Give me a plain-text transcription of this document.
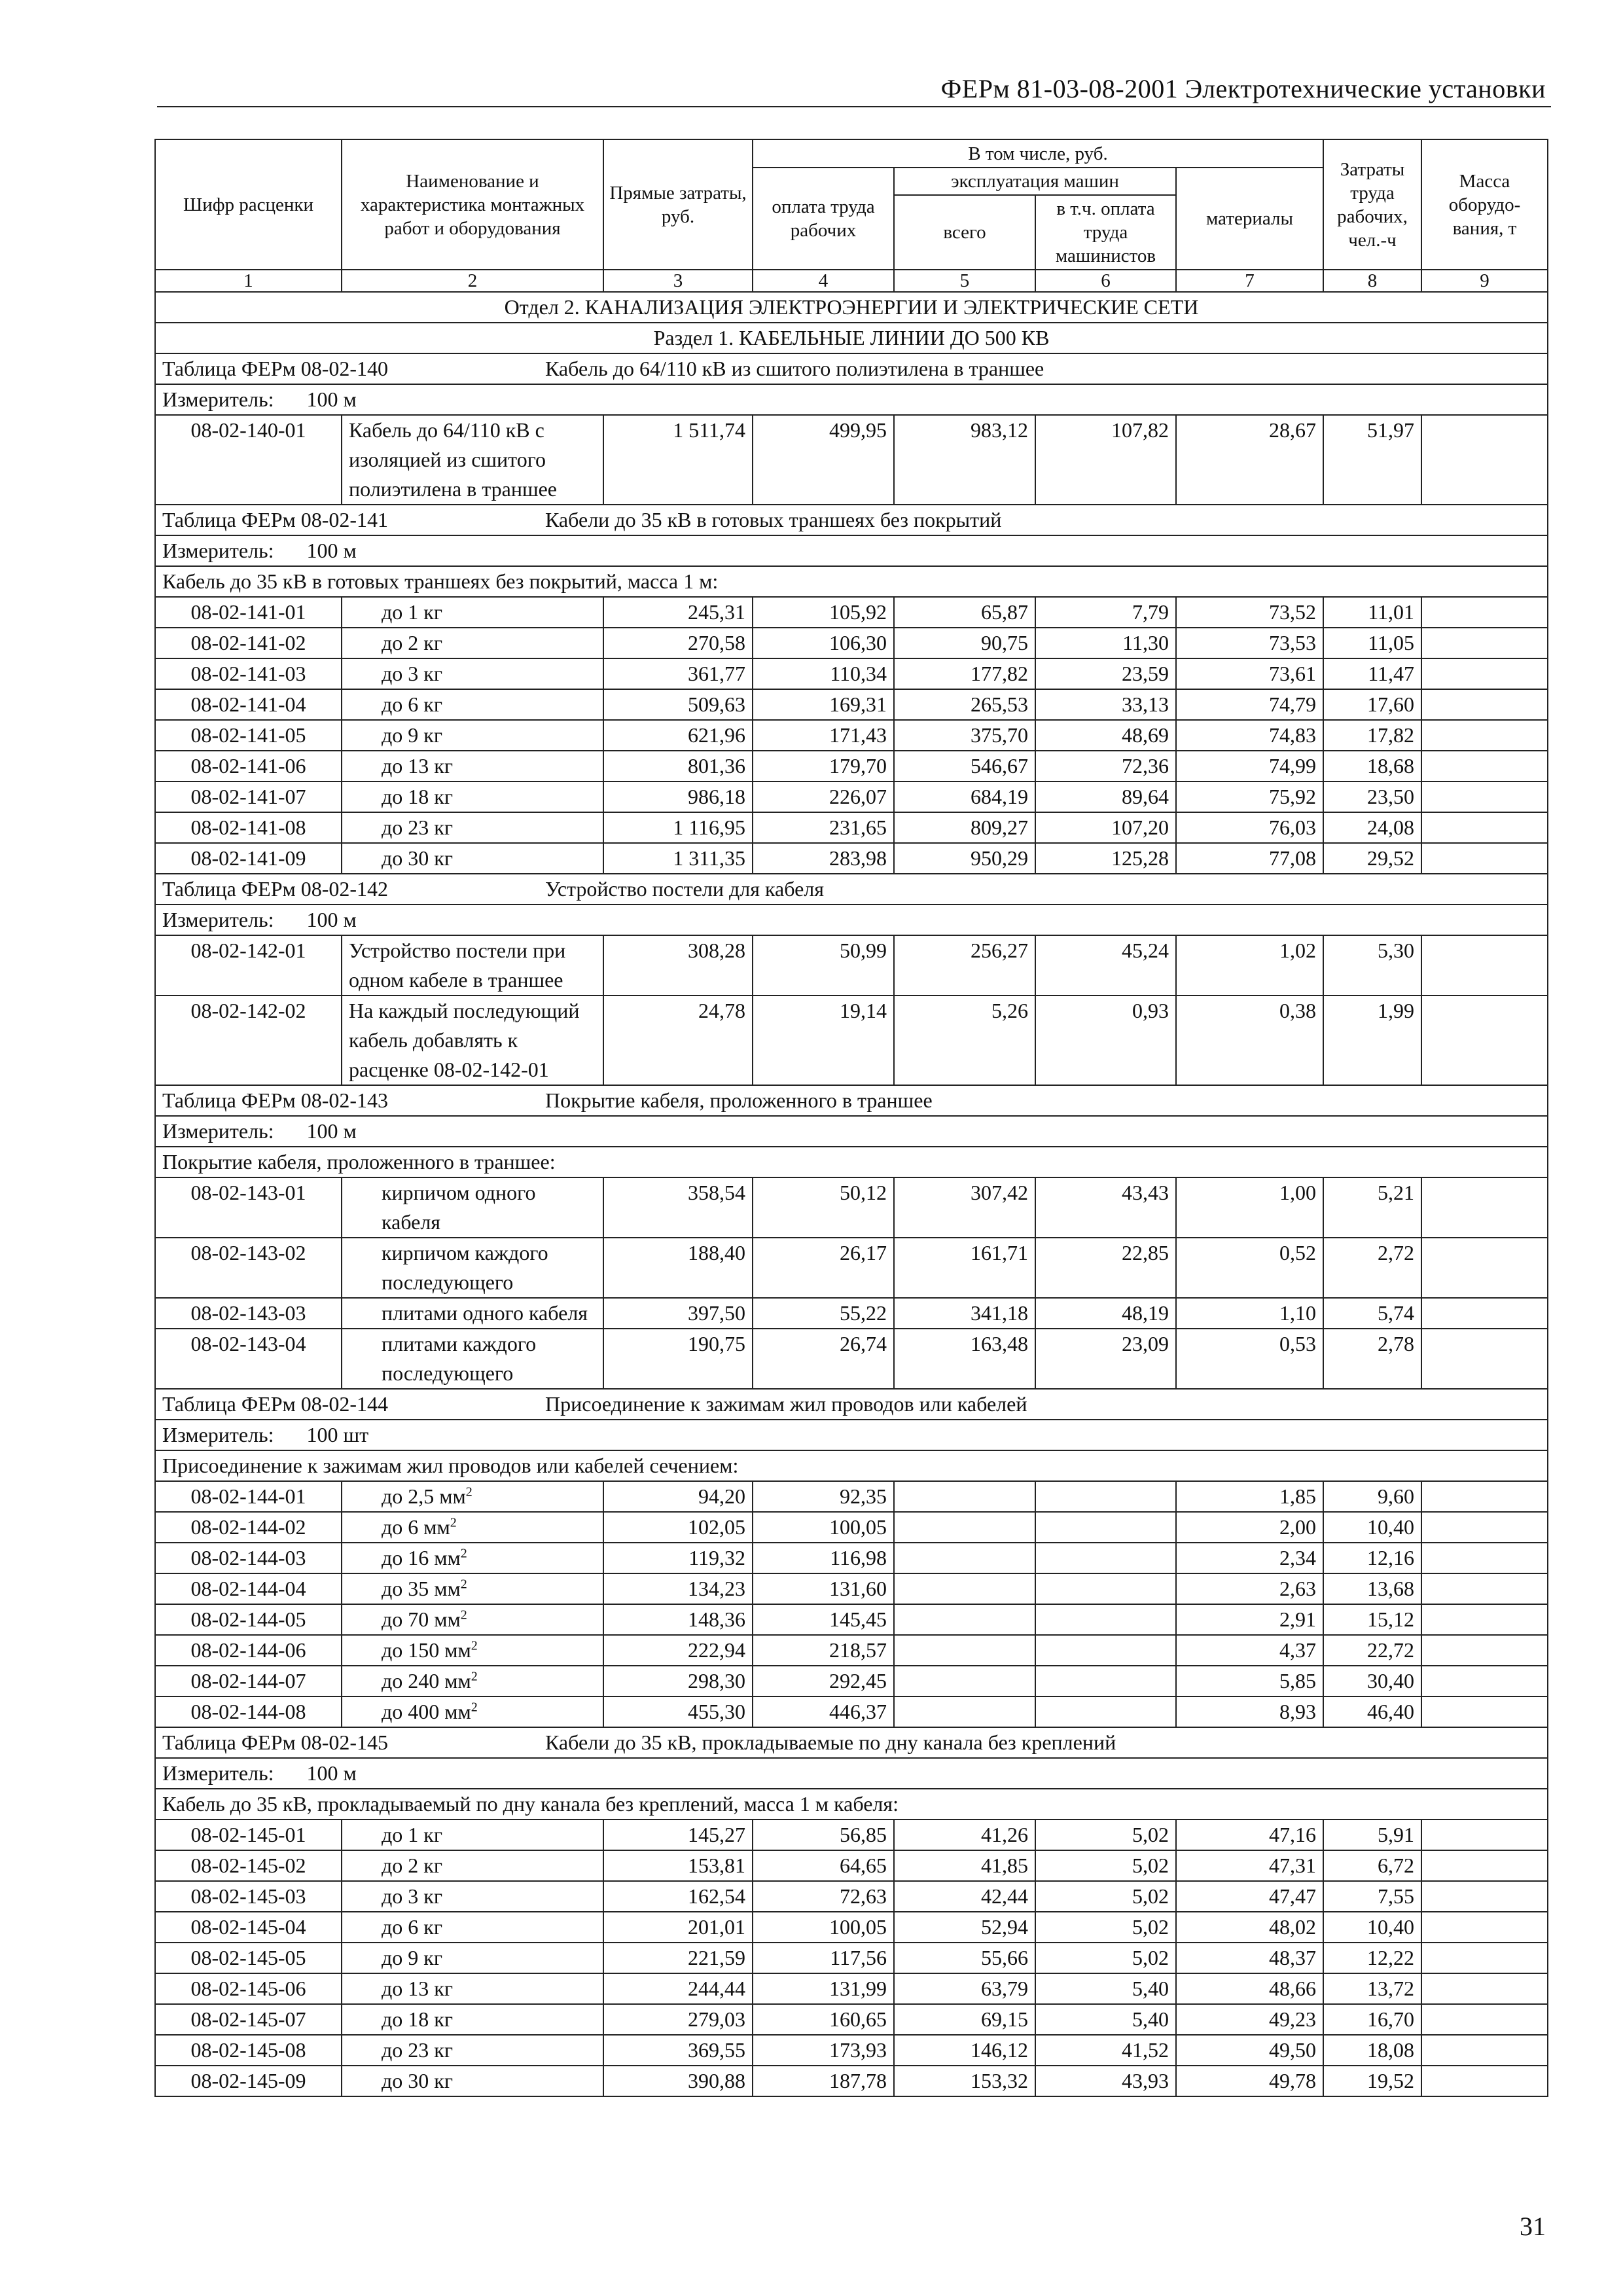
ФЕРм 81-03-08-2001 Электротехнические установки
Шифр расценки	Наименование и характеристика монтажных работ и оборудования	Прямые затраты, руб.	В том числе, руб.				Затраты труда рабочих, чел.-ч	Масса оборудо-вания, т
			оплата труда рабочих	эксплуатация машин		материалы		
				всего	в т.ч. оплата труда машинистов			

1	2	3	4	5	6	7	8	9
Отдел 2. КАНАЛИЗАЦИЯ ЭЛЕКТРОЭНЕРГИИ И ЭЛЕКТРИЧЕСКИЕ СЕТИ								
Раздел 1. КАБЕЛЬНЫЕ ЛИНИИ ДО 500 КВ								
Таблица ФЕРм 08-02-140 Кабель до 64/110 кВ из сшитого полиэтилена в траншее								
Измеритель: 100 м								
08-02-140-01	Кабель до 64/110 кВ с изоляцией из сшитого полиэтилена в траншее	1 511,74	499,95	983,12	107,82	28,67	51,97	
Таблица ФЕРм 08-02-141 Кабели до 35 кВ в готовых траншеях без покрытий								
Измеритель: 100 м								
Кабель до 35 кВ в готовых траншеях без покрытий, масса 1 м:								
08-02-141-01	до 1 кг	245,31	105,92	65,87	7,79	73,52	11,01	
08-02-141-02	до 2 кг	270,58	106,30	90,75	11,30	73,53	11,05	
08-02-141-03	до 3 кг	361,77	110,34	177,82	23,59	73,61	11,47	
08-02-141-04	до 6 кг	509,63	169,31	265,53	33,13	74,79	17,60	
08-02-141-05	до 9 кг	621,96	171,43	375,70	48,69	74,83	17,82	
08-02-141-06	до 13 кг	801,36	179,70	546,67	72,36	74,99	18,68	
08-02-141-07	до 18 кг	986,18	226,07	684,19	89,64	75,92	23,50	
08-02-141-08	до 23 кг	1 116,95	231,65	809,27	107,20	76,03	24,08	
08-02-141-09	до 30 кг	1 311,35	283,98	950,29	125,28	77,08	29,52	
Таблица ФЕРм 08-02-142 Устройство постели для кабеля								
Измеритель: 100 м								
08-02-142-01	Устройство постели при одном кабеле в траншее	308,28	50,99	256,27	45,24	1,02	5,30	
08-02-142-02	На каждый последующий кабель добавлять к расценке 08-02-142-01	24,78	19,14	5,26	0,93	0,38	1,99	
Таблица ФЕРм 08-02-143 Покрытие кабеля, проложенного в траншее								
Измеритель: 100 м								
Покрытие кабеля, проложенного в траншее:								
08-02-143-01	кирпичом одного кабеля	358,54	50,12	307,42	43,43	1,00	5,21	
08-02-143-02	кирпичом каждого последующего	188,40	26,17	161,71	22,85	0,52	2,72	
08-02-143-03	плитами одного кабеля	397,50	55,22	341,18	48,19	1,10	5,74	
08-02-143-04	плитами каждого последующего	190,75	26,74	163,48	23,09	0,53	2,78	
Таблица ФЕРм 08-02-144 Присоединение к зажимам жил проводов или кабелей								
Измеритель: 100 шт								
Присоединение к зажимам жил проводов или кабелей сечением:								
08-02-144-01	до 2,5 $мм^2$	94,20	92,35			1,85	9,60	
08-02-144-02	до 6 $мм^2$	102,05	100,05			2,00	10,40	
08-02-144-03	до 16 $мм^2$	119,32	116,98			2,34	12,16	
08-02-144-04	до 35 $мм^2$	134,23	131,60			2,63	13,68	
08-02-144-05	до 70 $мм^2$	148,36	145,45			2,91	15,12	
08-02-144-06	до 150 $мм^2$	222,94	218,57			4,37	22,72	
08-02-144-07	до 240 $мм^2$	298,30	292,45			5,85	30,40	
08-02-144-08	до 400 $мм^2$	455,30	446,37			8,93	46,40	
Таблица ФЕРм 08-02-145 Кабели до 35 кВ, прокладываемые по дну канала без креплений								
Измеритель: 100 м								
Кабель до 35 кВ, прокладываемый по дну канала без креплений, масса 1 м кабеля:								
08-02-145-01	до 1 кг	145,27	56,85	41,26	5,02	47,16	5,91	
08-02-145-02	до 2 кг	153,81	64,65	41,85	5,02	47,31	6,72	
08-02-145-03	до 3 кг	162,54	72,63	42,44	5,02	47,47	7,55	
08-02-145-04	до 6 кг	201,01	100,05	52,94	5,02	48,02	10,40	
08-02-145-05	до 9 кг	221,59	117,56	55,66	5,02	48,37	12,22	
08-02-145-06	до 13 кг	244,44	131,99	63,79	5,40	48,66	13,72	
08-02-145-07	до 18 кг	279,03	160,65	69,15	5,40	49,23	16,70	
08-02-145-08	до 23 кг	369,55	173,93	146,12	41,52	49,50	18,08	
08-02-145-09	до 30 кг	390,88	187,78	153,32	43,93	49,78	19,52	
31
